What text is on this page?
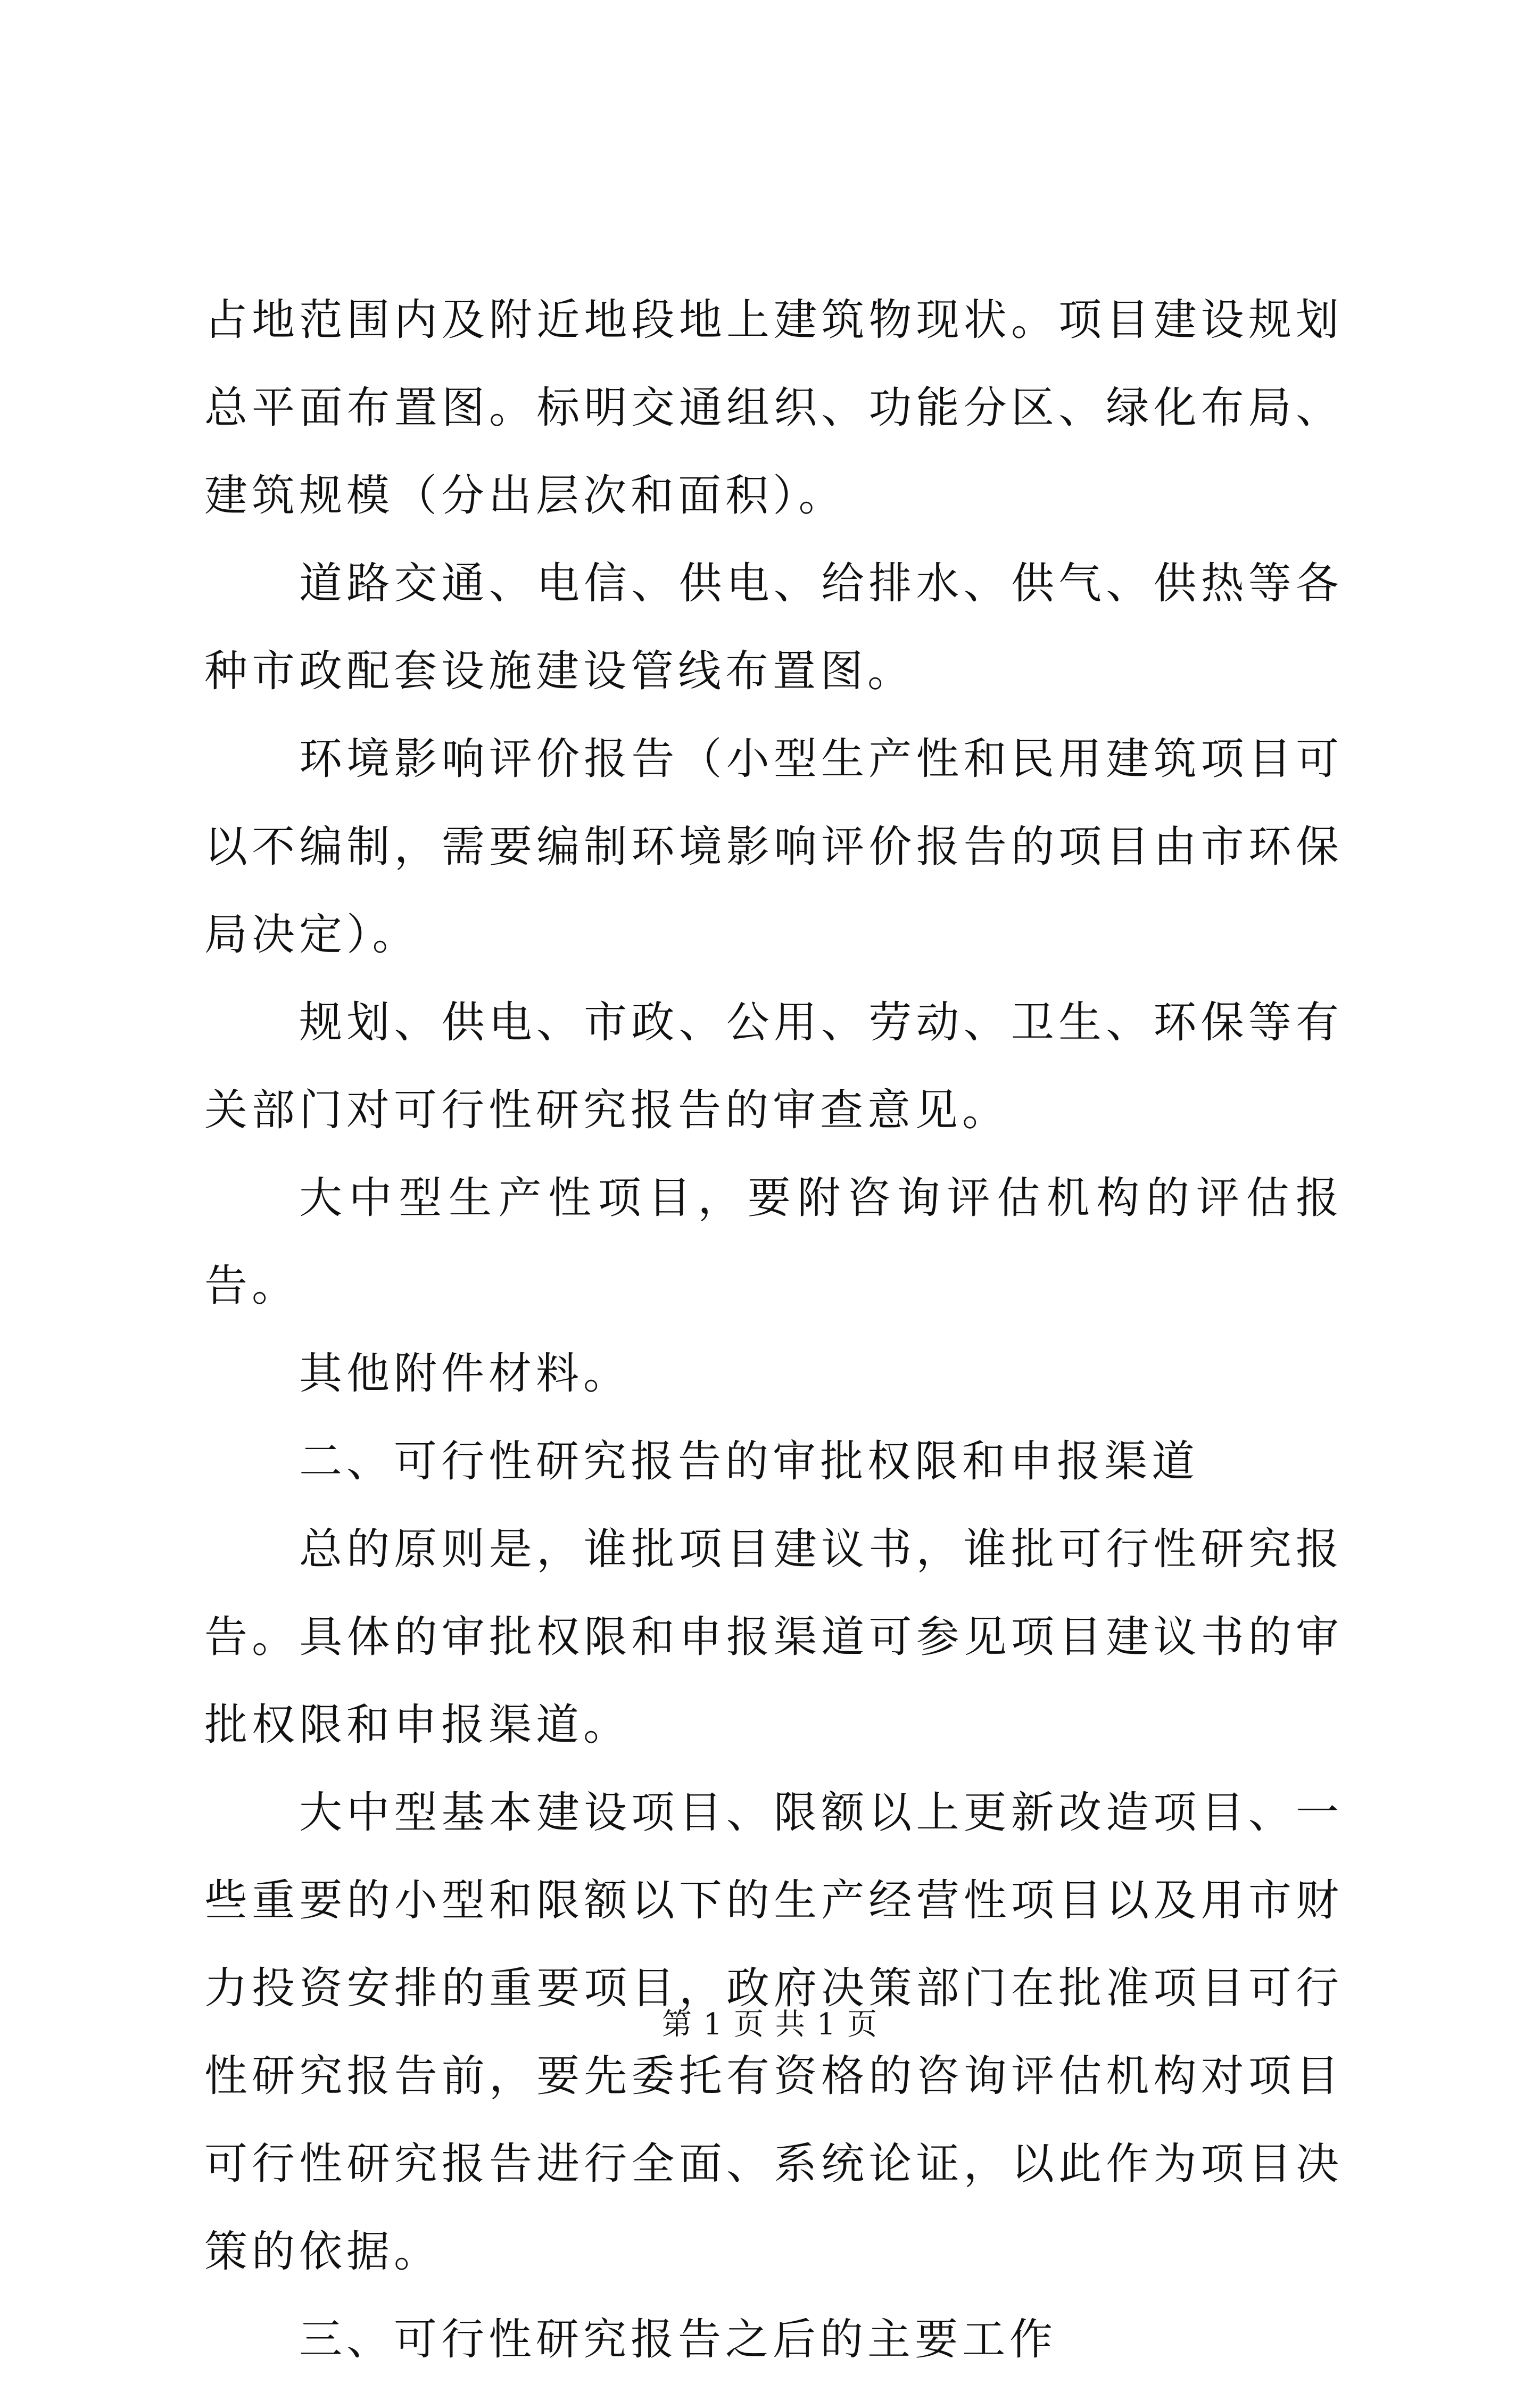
占地范围内及附近地段地上建筑物现状。项目建设规划总平面布置图。标明交通组织、功能分区、绿化布局、建筑规模（分出层次和面积）。

道路交通、电信、供电、给排水、供气、供热等各种市政配套设施建设管线布置图。

环境影响评价报告（小型生产性和民用建筑项目可以不编制，需要编制环境影响评价报告的项目由市环保局决定）。

规划、供电、市政、公用、劳动、卫生、环保等有关部门对可行性研究报告的审查意见。

大中型生产性项目，要附咨询评估机构的评估报告。

其他附件材料。

二、可行性研究报告的审批权限和申报渠道

总的原则是，谁批项目建议书，谁批可行性研究报告。具体的审批权限和申报渠道可参见项目建议书的审批权限和申报渠道。

大中型基本建设项目、限额以上更新改造项目、一些重要的小型和限额以下的生产经营性项目以及用市财力投资安排的重要项目，政府决策部门在批准项目可行性研究报告前，要先委托有资格的咨询评估机构对项目可行性研究报告进行全面、系统论证，以此作为项目决策的依据。

三、可行性研究报告之后的主要工作

第 1 页 共 1 页
